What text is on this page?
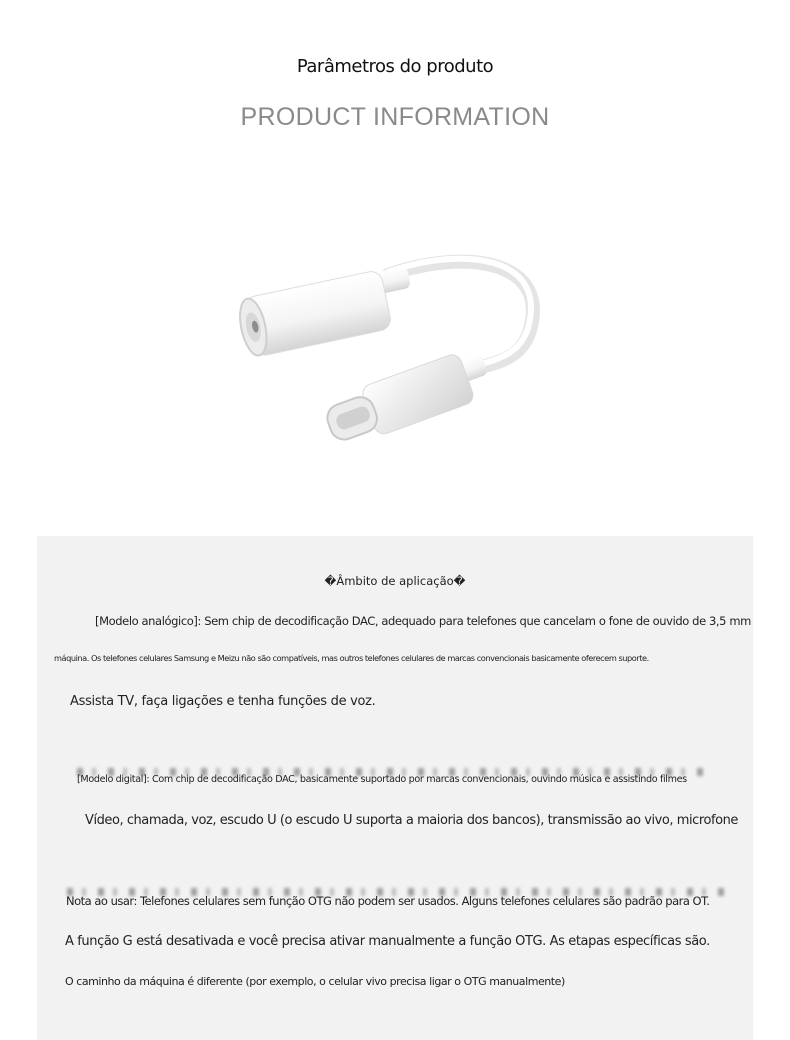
Parâmetros do produto
PRODUCT INFORMATION
�Âmbito de aplicação�
[Modelo analógico]: Sem chip de decodificação DAC, adequado para telefones que cancelam o fone de ouvido de 3,5 mm
máquina. Os telefones celulares Samsung e Meizu não são compatíveis, mas outros telefones celulares de marcas convencionais basicamente oferecem suporte.
Assista TV, faça ligações e tenha funções de voz.
[Modelo digital]: Com chip de decodificação DAC, basicamente suportado por marcas convencionais, ouvindo música e assistindo filmes
Vídeo, chamada, voz, escudo U (o escudo U suporta a maioria dos bancos), transmissão ao vivo, microfone
Nota ao usar: Telefones celulares sem função OTG não podem ser usados. Alguns telefones celulares são padrão para OT.
A função G está desativada e você precisa ativar manualmente a função OTG. As etapas específicas são.
O caminho da máquina é diferente (por exemplo, o celular vivo precisa ligar o OTG manualmente)
